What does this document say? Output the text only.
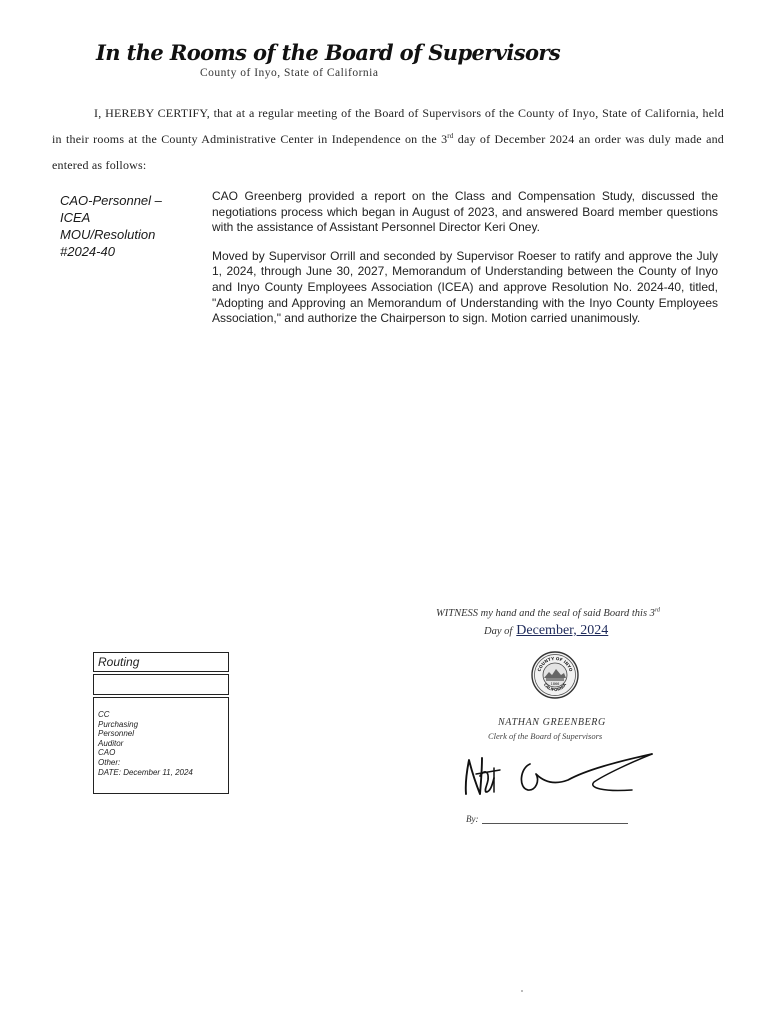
In the Rooms of the Board of Supervisors
County of Inyo, State of California
I, HEREBY CERTIFY, that at a regular meeting of the Board of Supervisors of the County of Inyo, State of California, held in their rooms at the County Administrative Center in Independence on the 3rd day of December 2024 an order was duly made and entered as follows:
CAO-Personnel –
ICEA
MOU/Resolution
#2024-40

CAO Greenberg provided a report on the Class and Compensation Study, discussed the negotiations process which began in August of 2023, and answered Board member questions with the assistance of Assistant Personnel Director Keri Oney.

Moved by Supervisor Orrill and seconded by Supervisor Roeser to ratify and approve the July 1, 2024, through June 30, 2027, Memorandum of Understanding between the County of Inyo and Inyo County Employees Association (ICEA) and approve Resolution No. 2024-40, titled, "Adopting and Approving an Memorandum of Understanding with the Inyo County Employees Association," and authorize the Chairperson to sign. Motion carried unanimously.

WITNESS my hand and the seal of said Board this 3rd
Day of December, 2024
COUNTY OF INYO
CALIFORNIA
1866
NATHAN GREENBERG
Clerk of the Board of Supervisors
By:
Routing
CC
Purchasing
Personnel
Auditor
CAO
Other:
DATE: December 11, 2024
